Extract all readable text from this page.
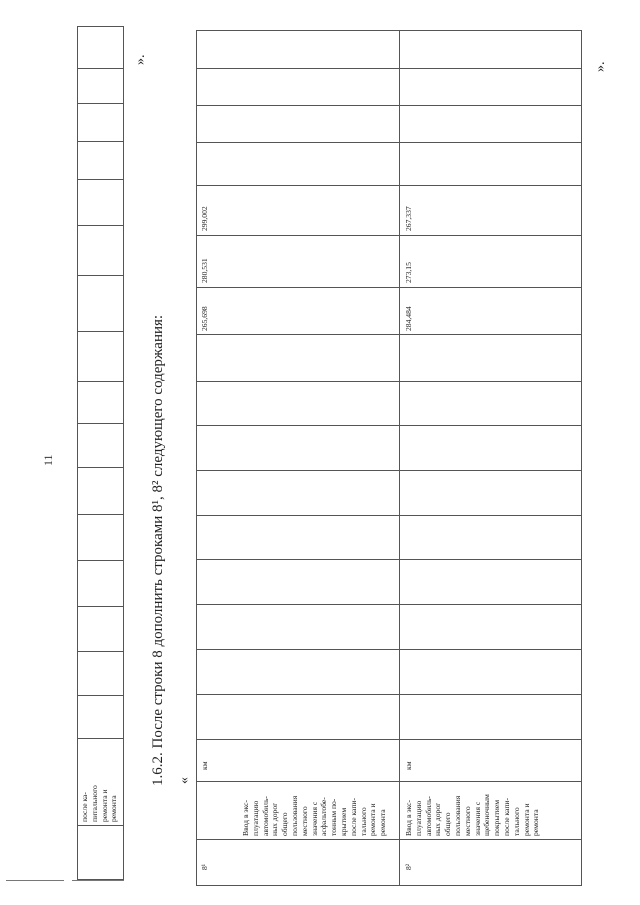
11	1.6.2. После строки 8 дополнить строками 8¹, 8² следующего содержания: «
».
».
после ка- питального ремонта и ремонта
8¹
Ввод в экс- плуатацию автомобиль- ных дорог общего пользования местного значения с асфальтобе- тонным по- крытием после капи- тального ремонта и ремонта
км
265,698
280,531
299,002
8²
Ввод в экс- плуатацию автомобиль- ных дорог общего пользования местного значения с щебеночным покрытием после капи- тального ремонта и ремонта
км
284,484
273,15
267,337
